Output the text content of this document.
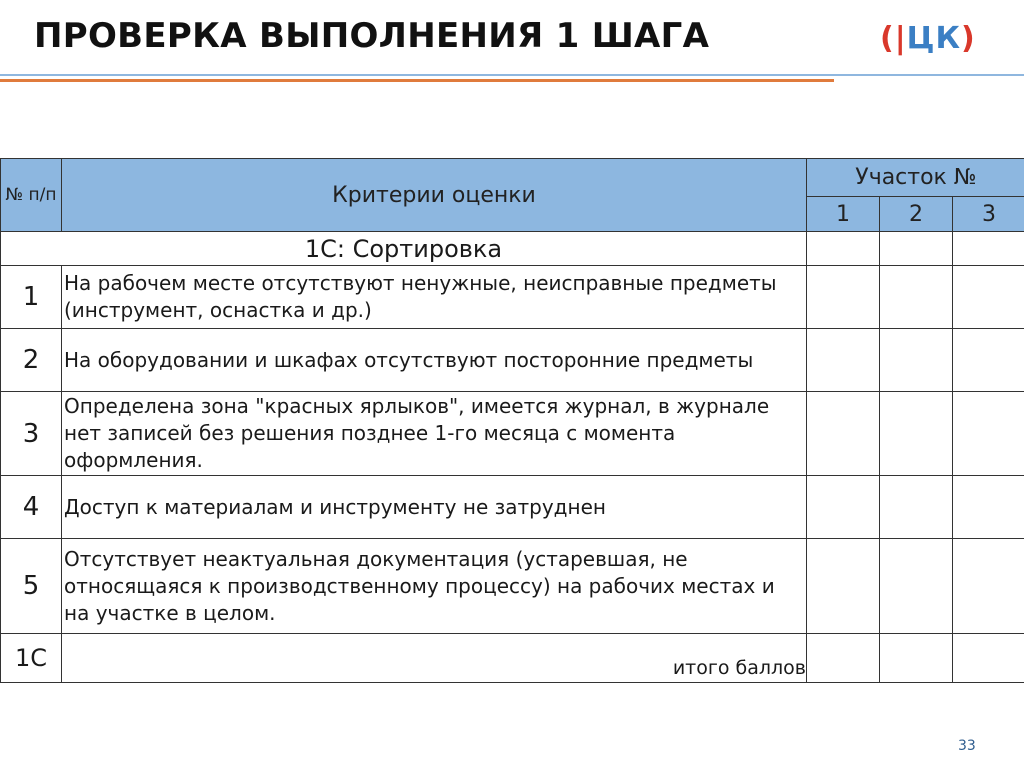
ПРОВЕРКА ВЫПОЛНЕНИЯ 1 ШАГА	(|ЦК)
№ п/п	Критерии оценки	Участок №		
		1	2	3
1С: Сортировка				
1	На рабочем месте отсутствуют ненужные, неисправные предметы (инструмент, оснастка и др.)			
2	На оборудовании и шкафах отсутствуют посторонние предметы			
3	Определена зона "красных ярлыков", имеется журнал, в журнале нет записей без решения позднее 1-го месяца с момента оформления.			
4	Доступ к материалам и инструменту не затруднен			
5	Отсутствует неактуальная документация (устаревшая, не относящаяся к производственному процессу) на рабочих местах и на участке в целом.			
1С	итого баллов			
33
